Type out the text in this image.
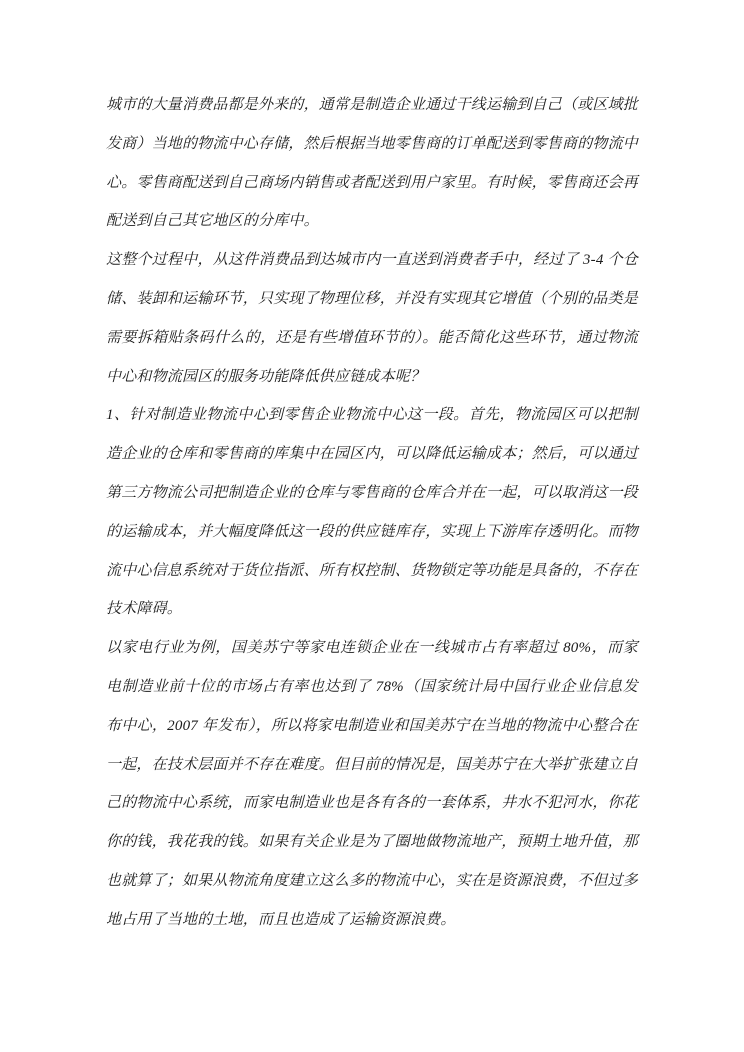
城市的大量消费品都是外来的，通常是制造企业通过干线运输到自己（或区域批发商）当地的物流中心存储，然后根据当地零售商的订单配送到零售商的物流中心。零售商配送到自己商场内销售或者配送到用户家里。有时候，零售商还会再配送到自己其它地区的分库中。

这整个过程中，从这件消费品到达城市内一直送到消费者手中，经过了 3-4 个仓储、装卸和运输环节，只实现了物理位移，并没有实现其它增值（个别的品类是需要拆箱贴条码什么的，还是有些增值环节的）。能否简化这些环节，通过物流中心和物流园区的服务功能降低供应链成本呢？

1、针对制造业物流中心到零售企业物流中心这一段。首先，物流园区可以把制造企业的仓库和零售商的库集中在园区内，可以降低运输成本；然后，可以通过第三方物流公司把制造企业的仓库与零售商的仓库合并在一起，可以取消这一段的运输成本，并大幅度降低这一段的供应链库存，实现上下游库存透明化。而物流中心信息系统对于货位指派、所有权控制、货物锁定等功能是具备的，不存在技术障碍。

以家电行业为例，国美苏宁等家电连锁企业在一线城市占有率超过 80%，而家电制造业前十位的市场占有率也达到了 78%（国家统计局中国行业企业信息发布中心，2007 年发布），所以将家电制造业和国美苏宁在当地的物流中心整合在一起，在技术层面并不存在难度。但目前的情况是，国美苏宁在大举扩张建立自己的物流中心系统，而家电制造业也是各有各的一套体系，井水不犯河水，你花你的钱，我花我的钱。如果有关企业是为了圈地做物流地产，预期土地升值，那也就算了；如果从物流角度建立这么多的物流中心，实在是资源浪费，不但过多地占用了当地的土地，而且也造成了运输资源浪费。
